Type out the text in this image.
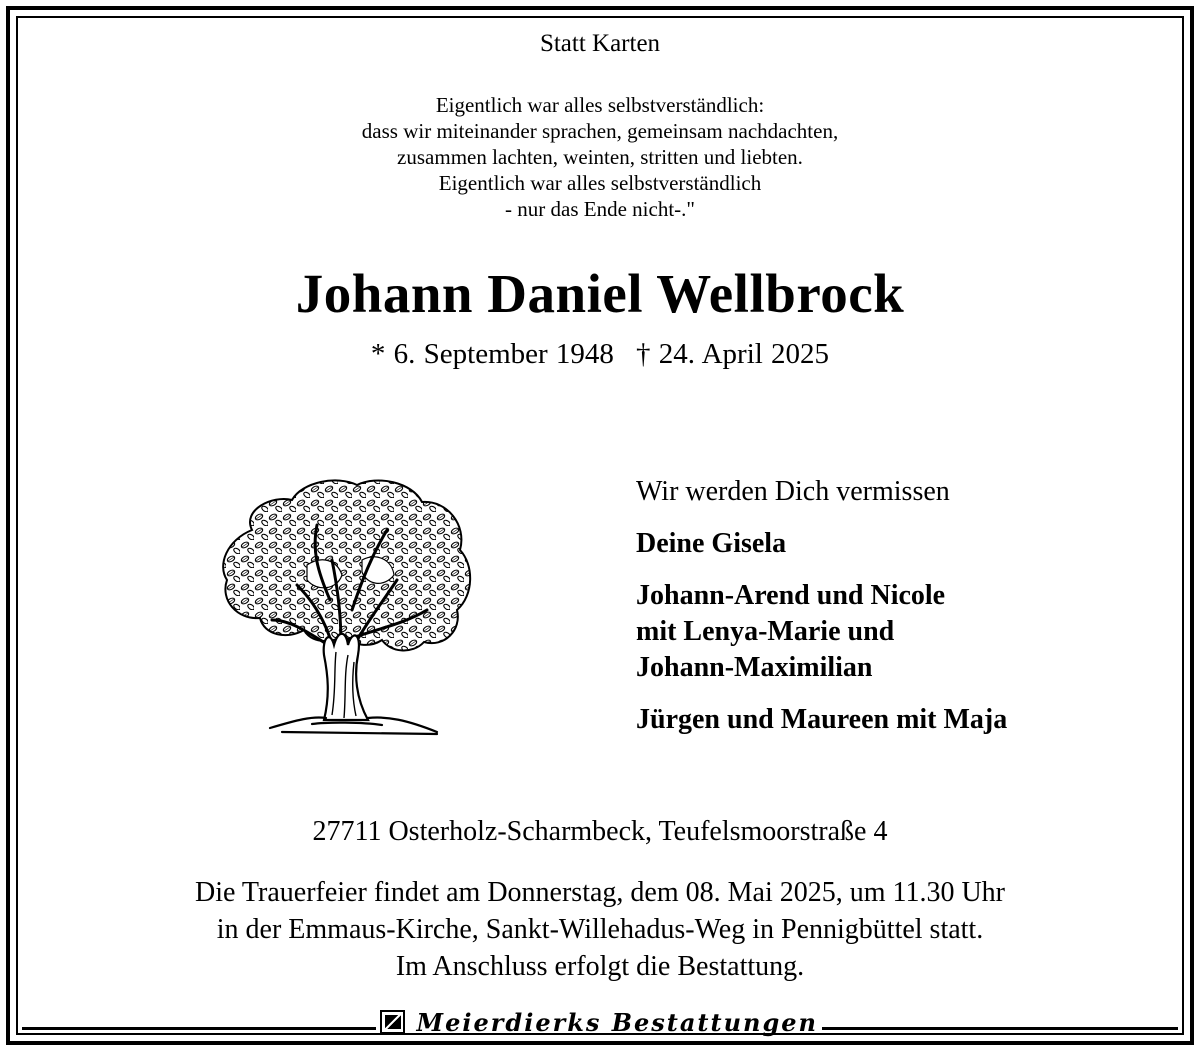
Statt Karten
Eigentlich war alles selbstverständlich:
dass wir miteinander sprachen, gemeinsam nachdachten,
zusammen lachten, weinten, stritten und liebten.
Eigentlich war alles selbstverständlich
- nur das Ende nicht-."
Johann Daniel Wellbrock
* 6. September 1948 † 24. April 2025
Wir werden Dich vermissen
Deine Gisela
Johann-Arend und Nicole
mit Lenya-Marie und
Johann-Maximilian
Jürgen und Maureen mit Maja
27711 Osterholz-Scharmbeck, Teufelsmoorstraße 4
Die Trauerfeier findet am Donnerstag, dem 08. Mai 2025, um 11.30 Uhr
in der Emmaus-Kirche, Sankt-Willehadus-Weg in Pennigbüttel statt.
Im Anschluss erfolgt die Bestattung.
Meierdierks Bestattungen
